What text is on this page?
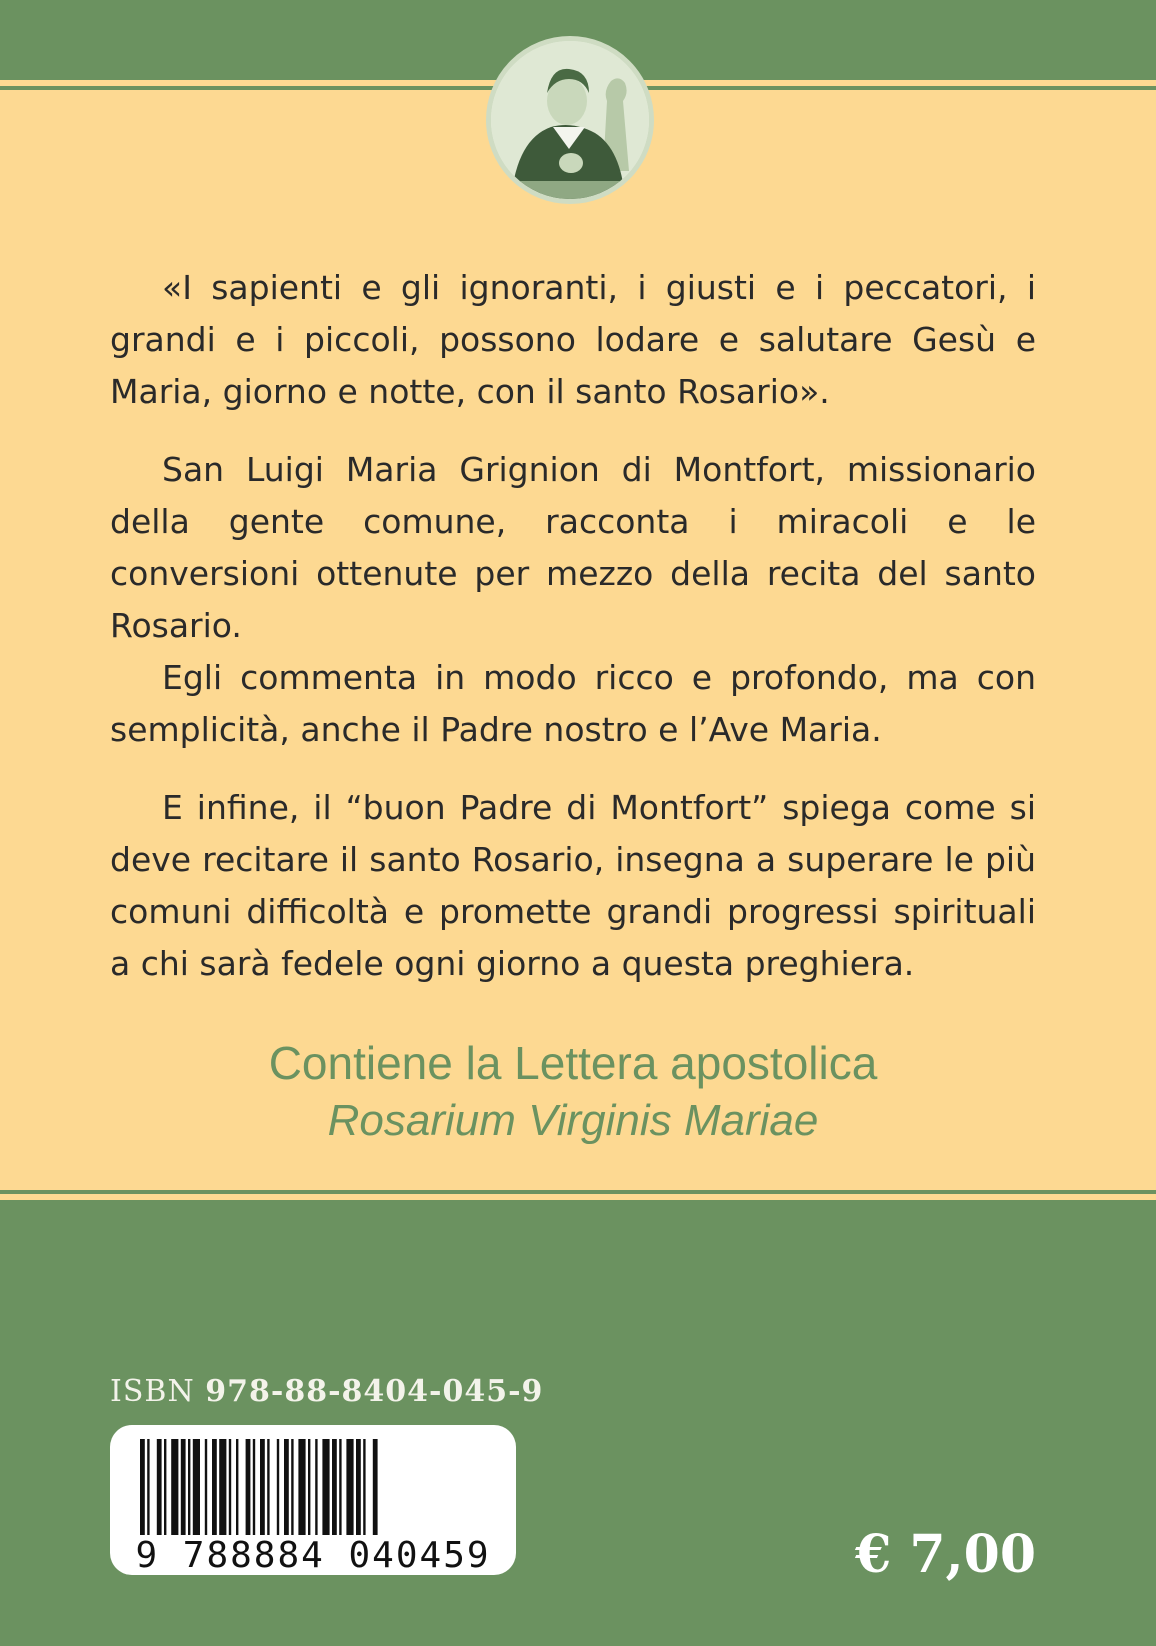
«I sapienti e gli ignoranti, i giusti e i peccatori, i grandi e i piccoli, possono lodare e salutare Gesù e Maria, giorno e notte, con il santo Rosario».

San Luigi Maria Grignion di Montfort, missionario della gente comune, racconta i miracoli e le conversioni ottenute per mezzo della recita del santo Rosario.

Egli commenta in modo ricco e profondo, ma con semplicità, anche il Padre nostro e l’Ave Maria.

E infine, il “buon Padre di Montfort” spiega come si deve recitare il santo Rosario, insegna a superare le più comuni difficoltà e promette grandi progressi spirituali a chi sarà fedele ogni giorno a questa preghiera.

Contiene la Lettera apostolica
Rosarium Virginis Mariae
ISBN 978-88-8404-045-9
9 788884 040459	€ 7,00
